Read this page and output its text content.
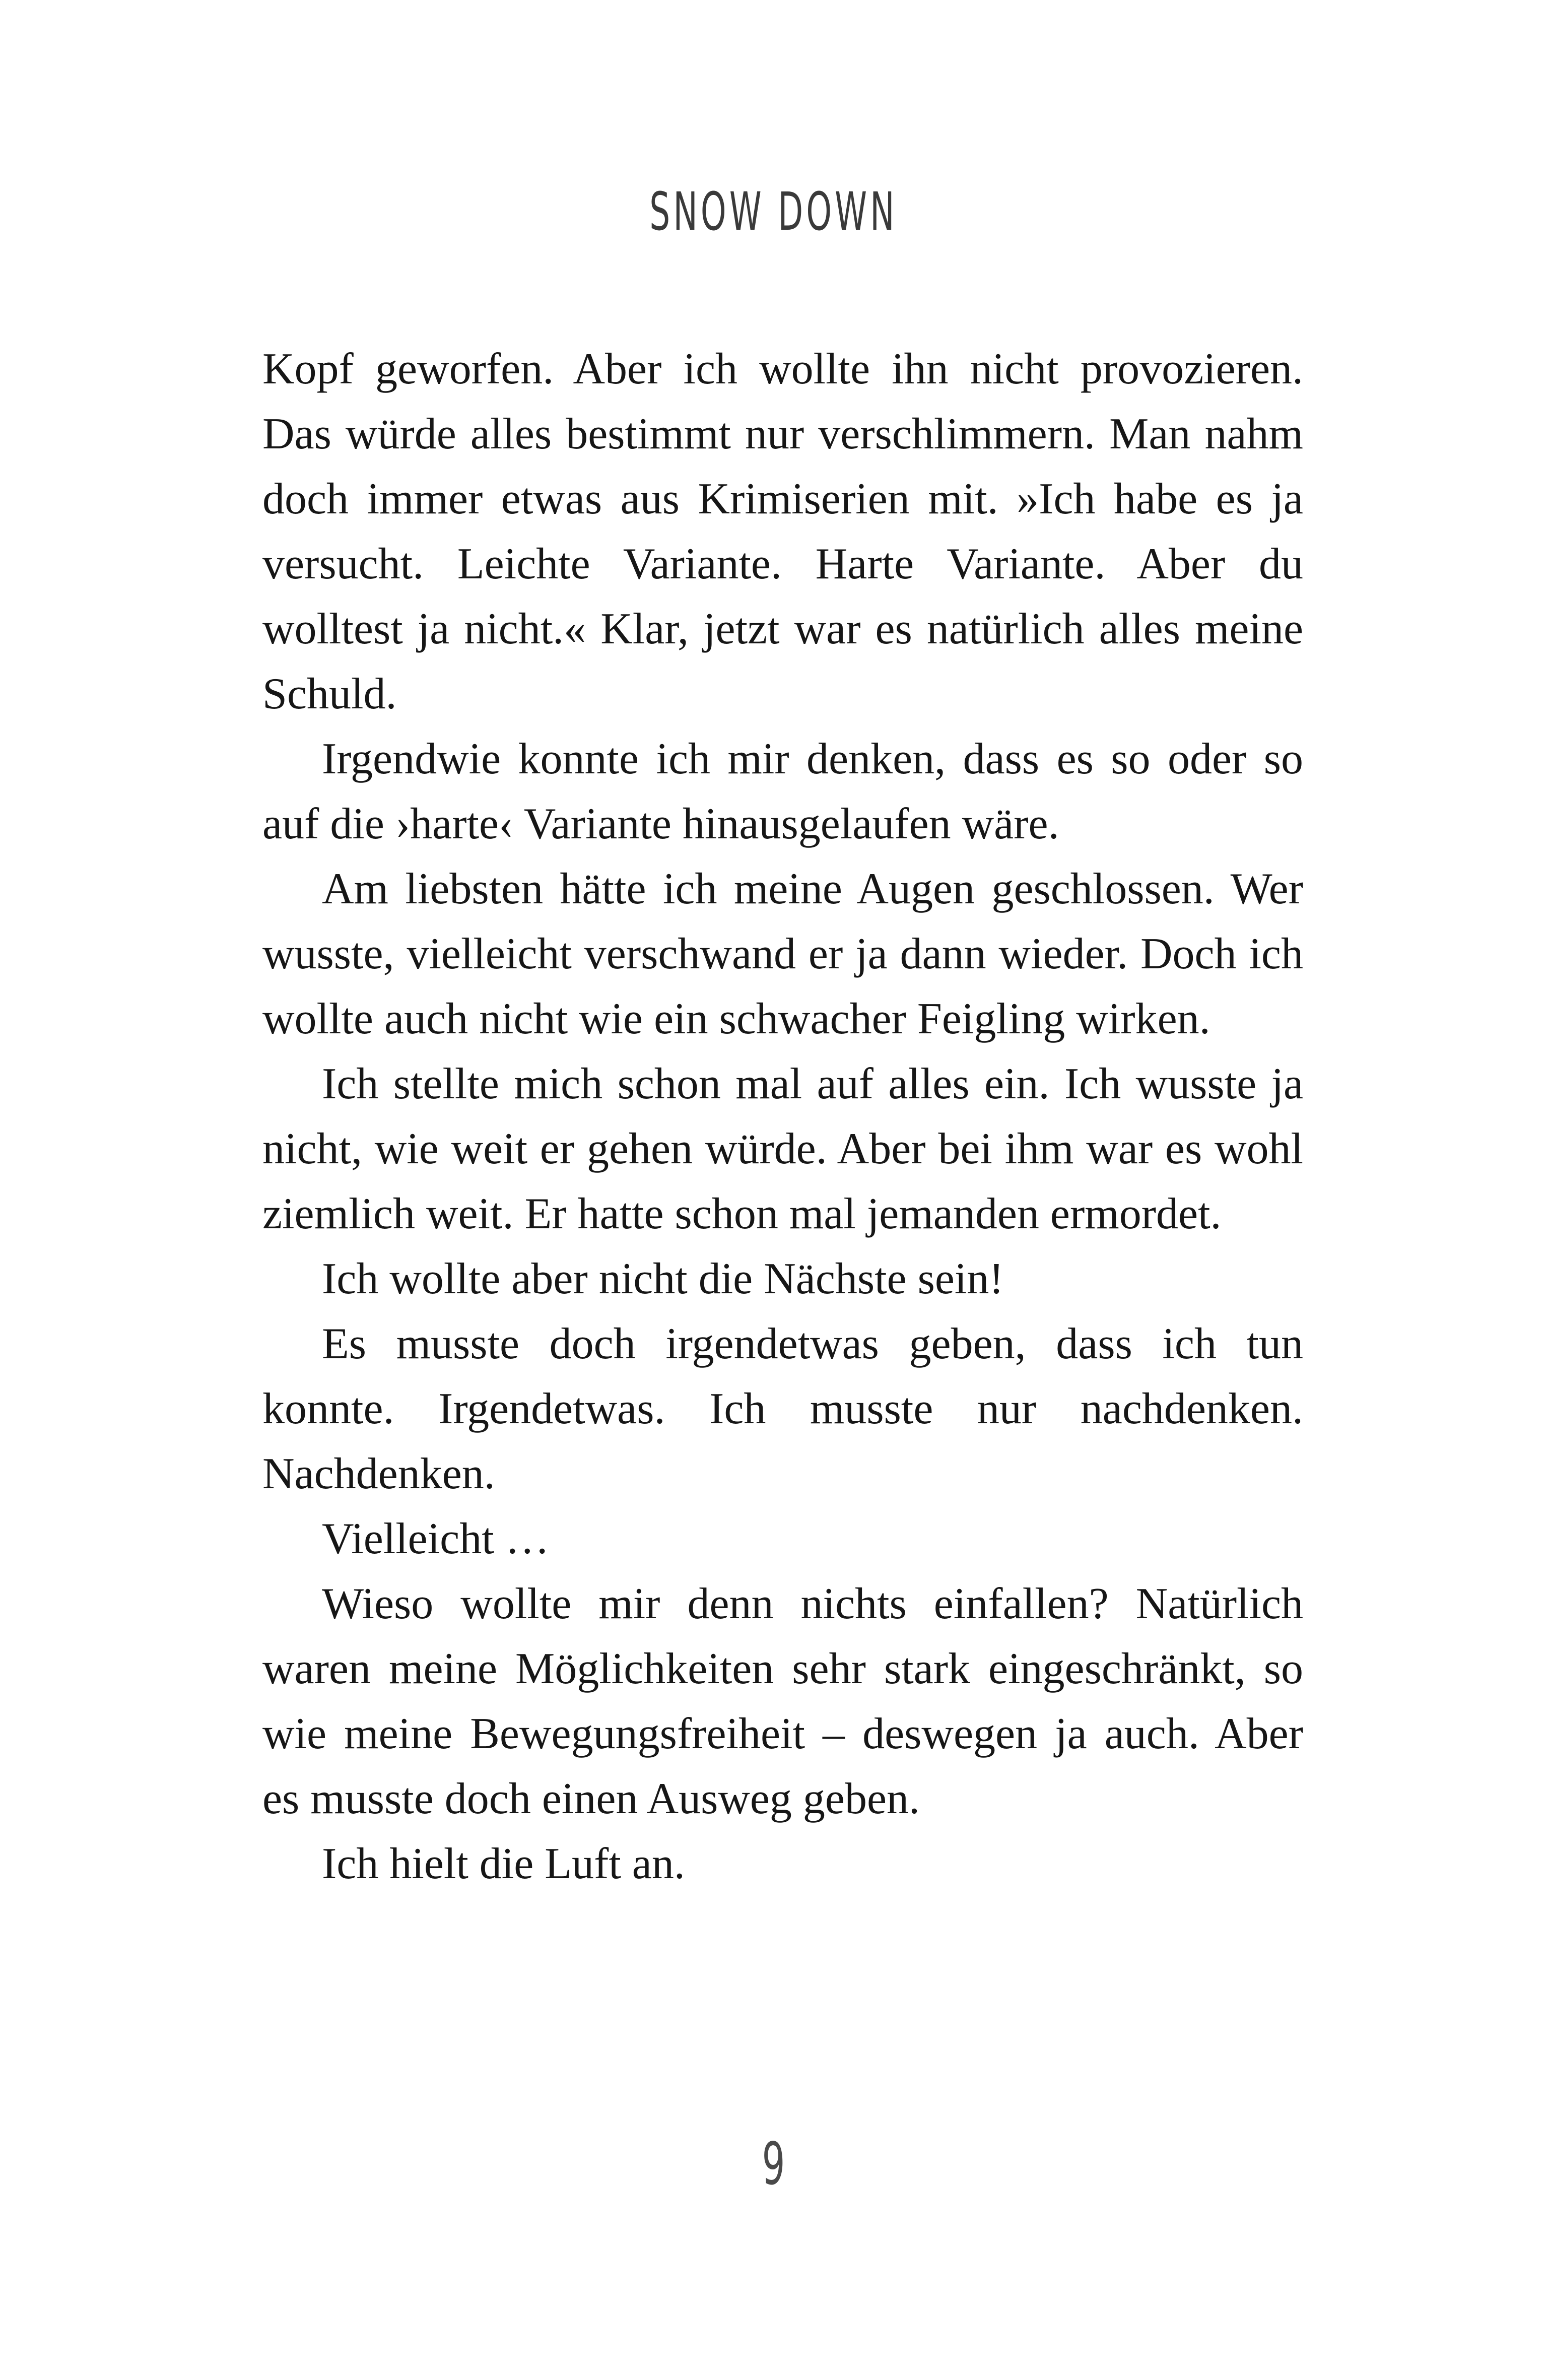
SNOW DOWN

Kopf geworfen. Aber ich wollte ihn nicht provozieren. Das würde alles bestimmt nur verschlimmern. Man nahm doch immer etwas aus Krimiserien mit. »Ich habe es ja versucht. Leichte Variante. Harte Variante. Aber du wolltest ja nicht.« Klar, jetzt war es natürlich alles meine Schuld.

Irgendwie konnte ich mir denken, dass es so oder so auf die ›harte‹ Variante hinausgelaufen wäre.

Am liebsten hätte ich meine Augen geschlossen. Wer wusste, vielleicht verschwand er ja dann wieder. Doch ich wollte auch nicht wie ein schwacher Feigling wirken.

Ich stellte mich schon mal auf alles ein. Ich wusste ja nicht, wie weit er gehen würde. Aber bei ihm war es wohl ziemlich weit. Er hatte schon mal jemanden ermordet.

Ich wollte aber nicht die Nächste sein!

Es musste doch irgendetwas geben, dass ich tun konnte. Irgendetwas. Ich musste nur nachdenken. Nachdenken.

Vielleicht …

Wieso wollte mir denn nichts einfallen? Natürlich waren meine Möglichkeiten sehr stark eingeschränkt, so wie meine Bewegungsfreiheit – deswegen ja auch. Aber es musste doch einen Ausweg geben.

Ich hielt die Luft an.

9
